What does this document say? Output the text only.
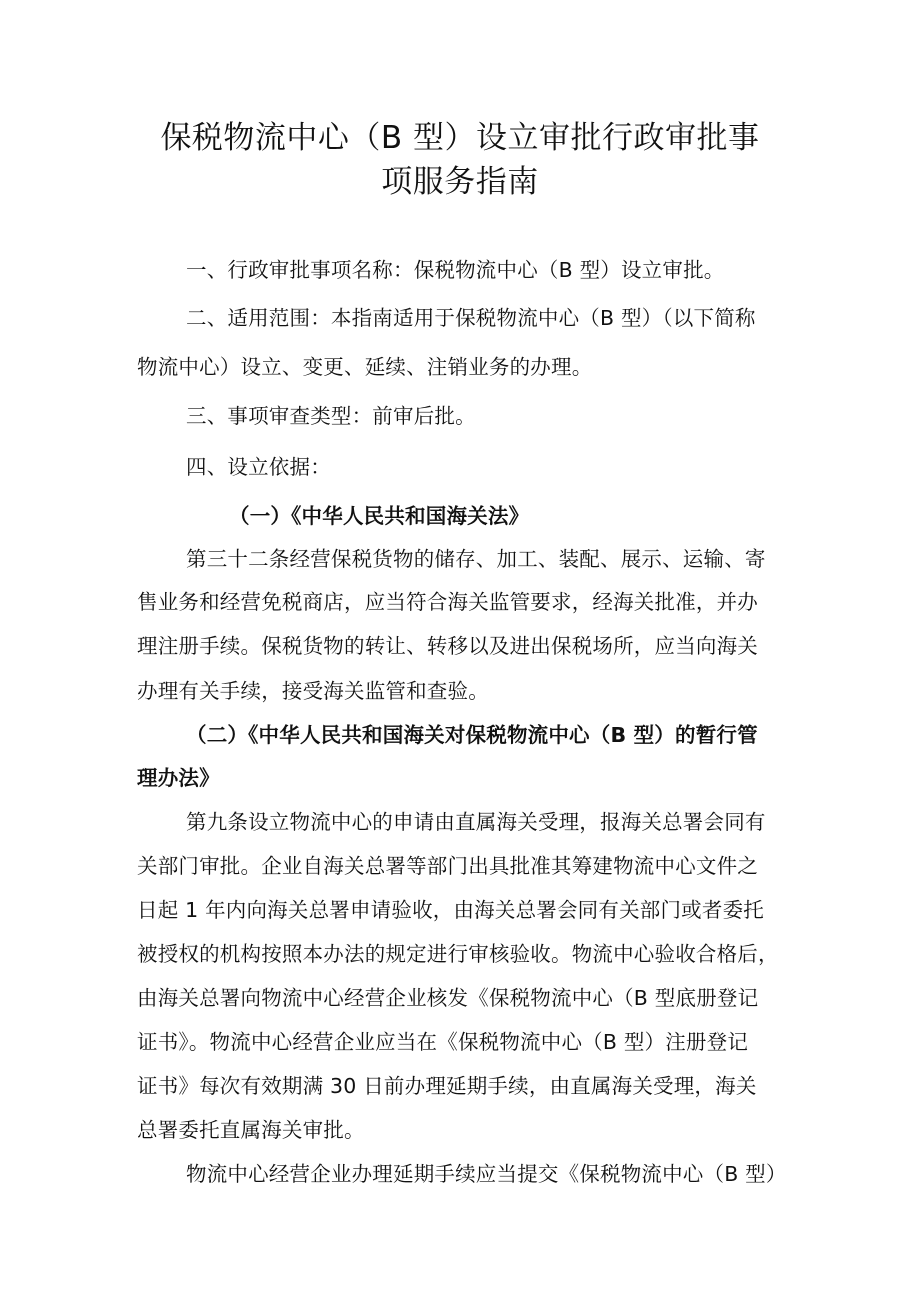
保税物流中心（B 型）设立审批行政审批事
项服务指南
一、行政审批事项名称：保税物流中心（B 型）设立审批。
二、适用范围：本指南适用于保税物流中心（B 型）（以下简称
物流中心）设立、变更、延续、注销业务的办理。
三、事项审查类型：前审后批。
四、设立依据：
（一）《中华人民共和国海关法》
第三十二条经营保税货物的储存、加工、装配、展示、运输、寄
售业务和经营免税商店，应当符合海关监管要求，经海关批准，并办
理注册手续。保税货物的转让、转移以及进出保税场所，应当向海关
办理有关手续，接受海关监管和查验。
（二）《中华人民共和国海关对保税物流中心（B 型）的暂行管
理办法》
第九条设立物流中心的申请由直属海关受理，报海关总署会同有
关部门审批。企业自海关总署等部门出具批准其筹建物流中心文件之
日起 1 年内向海关总署申请验收，由海关总署会同有关部门或者委托
被授权的机构按照本办法的规定进行审核验收。物流中心验收合格后，
由海关总署向物流中心经营企业核发《保税物流中心（B 型底册登记
证书》。物流中心经营企业应当在《保税物流中心（B 型）注册登记
证书》每次有效期满 30 日前办理延期手续，由直属海关受理，海关
总署委托直属海关审批。
物流中心经营企业办理延期手续应当提交《保税物流中心（B 型）
